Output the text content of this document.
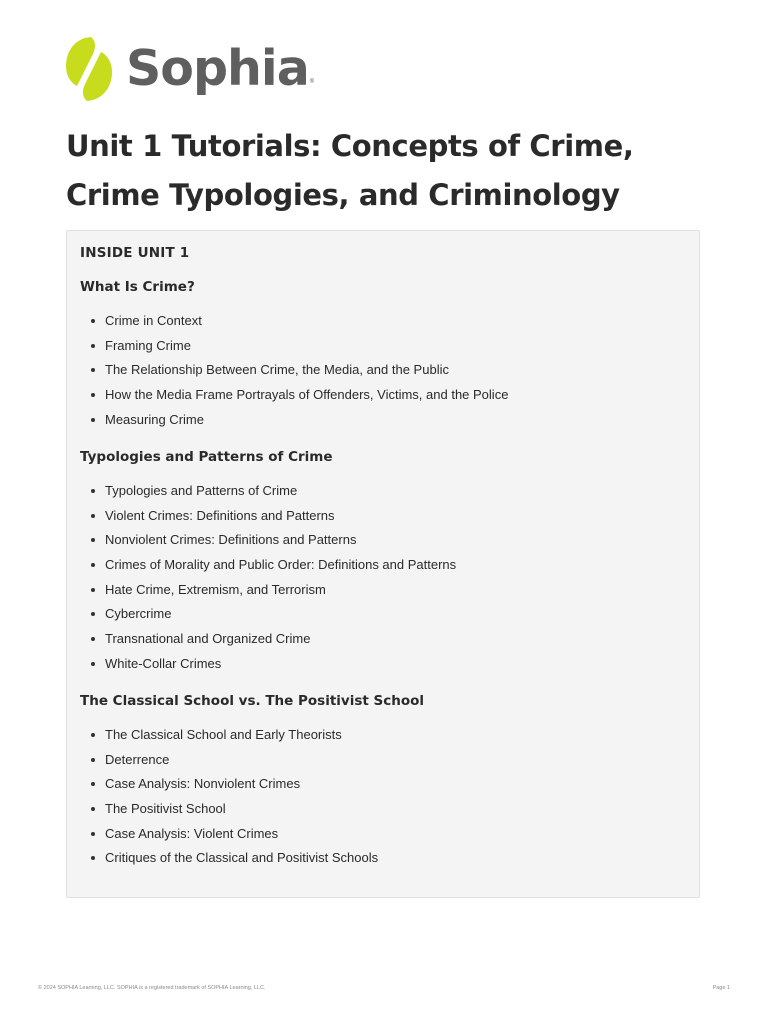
Sophia ®
Unit 1 Tutorials: Concepts of Crime, Crime Typologies, and Criminology
INSIDE UNIT 1
What Is Crime?
Crime in Context
Framing Crime
The Relationship Between Crime, the Media, and the Public
How the Media Frame Portrayals of Offenders, Victims, and the Police
Measuring Crime
Typologies and Patterns of Crime
Typologies and Patterns of Crime
Violent Crimes: Definitions and Patterns
Nonviolent Crimes: Definitions and Patterns
Crimes of Morality and Public Order: Definitions and Patterns
Hate Crime, Extremism, and Terrorism
Cybercrime
Transnational and Organized Crime
White-Collar Crimes
The Classical School vs. The Positivist School
The Classical School and Early Theorists
Deterrence
Case Analysis: Nonviolent Crimes
The Positivist School
Case Analysis: Violent Crimes
Critiques of the Classical and Positivist Schools
© 2024 SOPHIA Learning, LLC. SOPHIA is a registered trademark of SOPHIA Learning, LLC.	Page 1
